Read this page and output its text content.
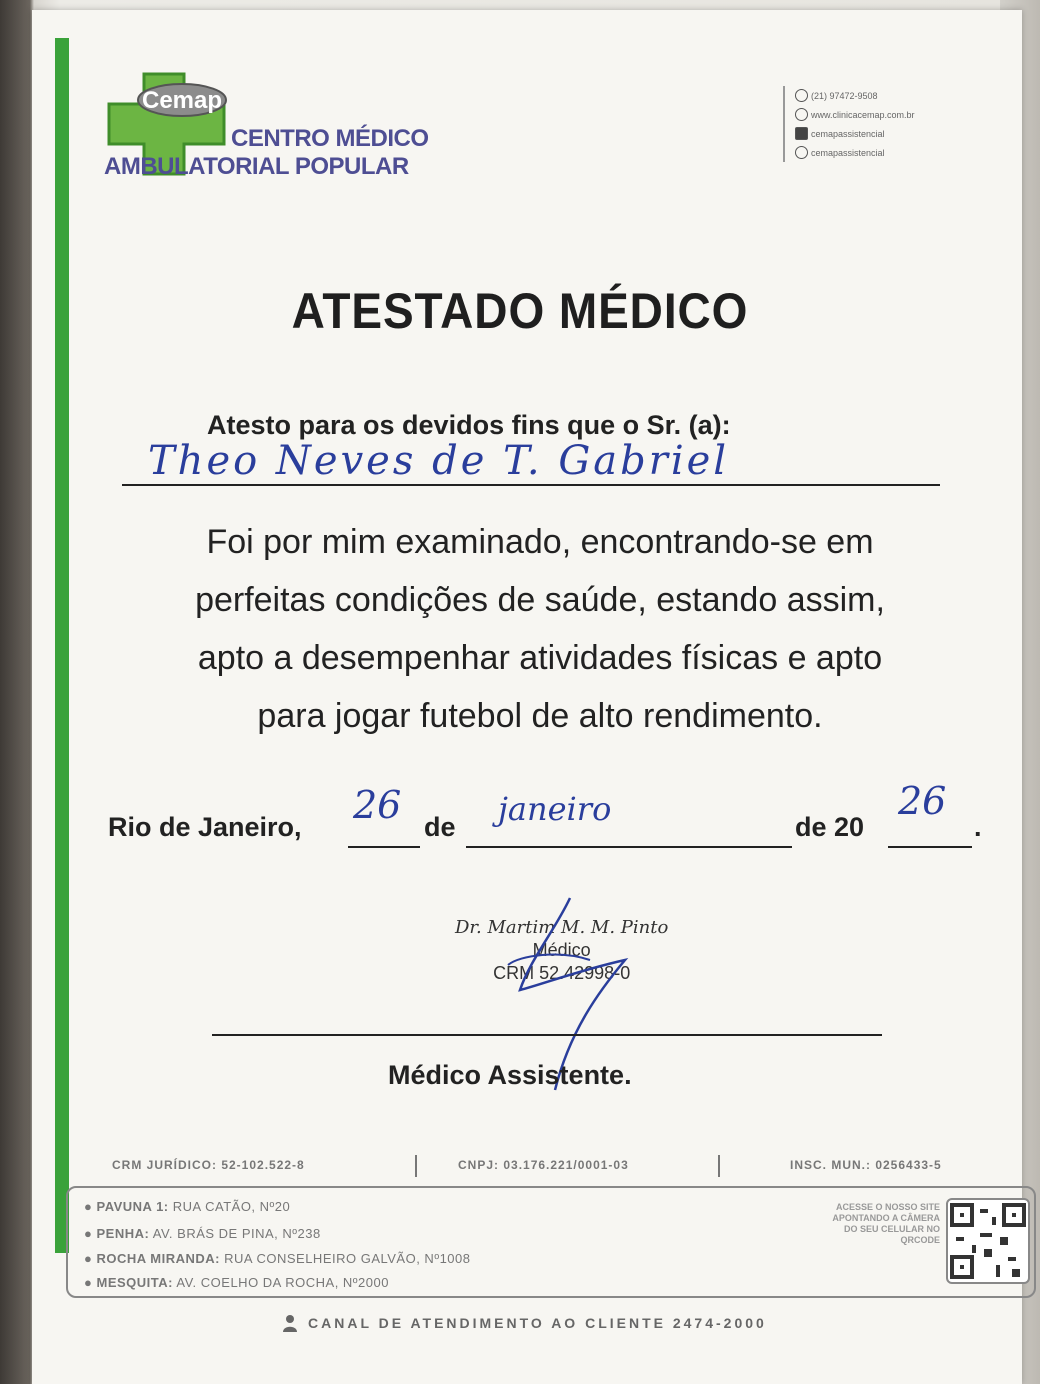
Cemap
CENTRO MÉDICO
AMBULATORIAL POPULAR
(21) 97472-9508
www.clinicacemap.com.br
cemapassistencial
cemapassistencial
ATESTADO MÉDICO
Atesto para os devidos fins que o Sr. (a):
Theo Neves de T. Gabriel
Foi por mim examinado, encontrando-se em
perfeitas condições de saúde, estando assim,
apto a desempenhar atividades físicas e apto
para jogar futebol de alto rendimento.
Rio de Janeiro,	de	de 20	.
26	janeiro	26
Dr. Martim M. M. Pinto
Médico
CRM 52.42998-0
Médico Assistente.
CRM JURÍDICO: 52-102.522-8	CNPJ: 03.176.221/0001-03	INSC. MUN.: 0256433-5
● PAVUNA 1: RUA CATÃO, Nº20
● PENHA: AV. BRÁS DE PINA, Nº238
● ROCHA MIRANDA: RUA CONSELHEIRO GALVÃO, Nº1008
● MESQUITA: AV. COELHO DA ROCHA, Nº2000
ACESSE O NOSSO SITE APONTANDO A CÂMERA DO SEU CELULAR NO QRCODE
CANAL DE ATENDIMENTO AO CLIENTE 2474-2000
